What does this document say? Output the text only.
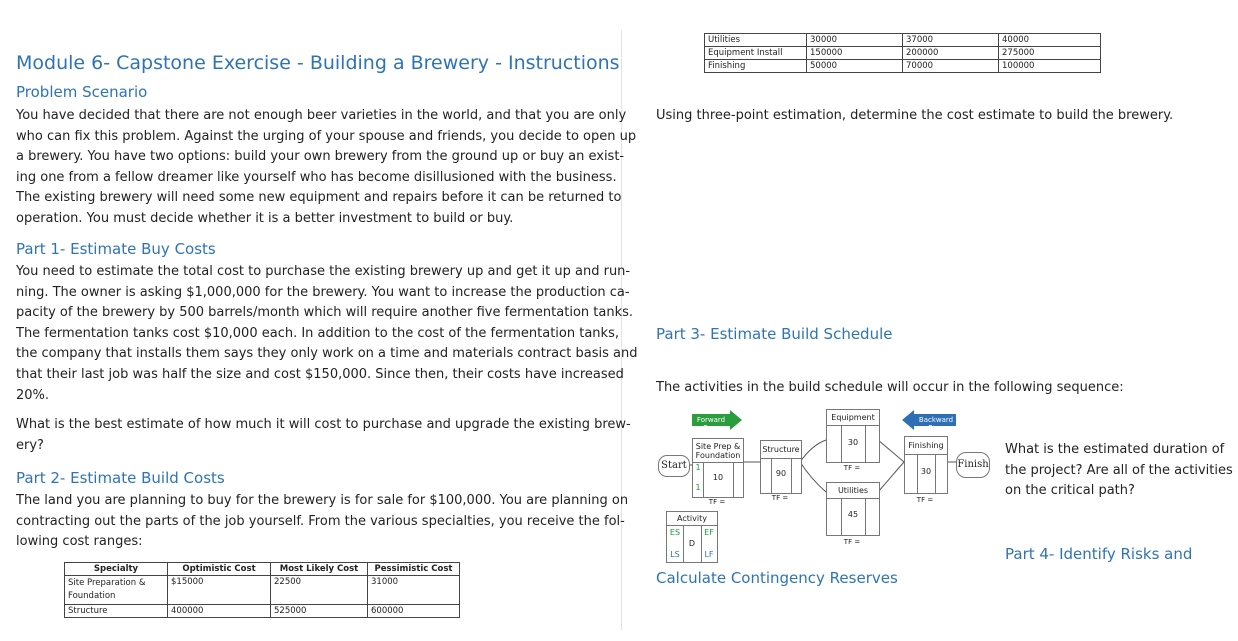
Module 6- Capstone Exercise - Building a Brewery - Instructions
Problem Scenario
You have decided that there are not enough beer varieties in the world, and that you are only
who can fix this problem. Against the urging of your spouse and friends, you decide to open up
a brewery. You have two options: build your own brewery from the ground up or buy an exist-
ing one from a fellow dreamer like yourself who has become disillusioned with the business.
The existing brewery will need some new equipment and repairs before it can be returned to
operation. You must decide whether it is a better investment to build or buy.
Part 1- Estimate Buy Costs
You need to estimate the total cost to purchase the existing brewery up and get it up and run-
ning. The owner is asking $1,000,000 for the brewery. You want to increase the production ca-
pacity of the brewery by 500 barrels/month which will require another five fermentation tanks.
The fermentation tanks cost $10,000 each. In addition to the cost of the fermentation tanks,
the company that installs them says they only work on a time and materials contract basis and
that their last job was half the size and cost $150,000. Since then, their costs have increased
20%.
What is the best estimate of how much it will cost to purchase and upgrade the existing brew-
ery?
Part 2- Estimate Build Costs
The land you are planning to buy for the brewery is for sale for $100,000. You are planning on
contracting out the parts of the job yourself. From the various specialties, you receive the fol-
lowing cost ranges:
Specialty	Optimistic Cost	Most Likely Cost	Pessimistic Cost
Site Preparation & Foundation	$15000	22500	31000
Structure	400000	525000	600000
Utilities	30000	37000	40000
Equipment Install	150000	200000	275000
Finishing	50000	70000	100000
Using three-point estimation, determine the cost estimate to build the brewery.
Part 3- Estimate Build Schedule
The activities in the build schedule will occur in the following sequence:
Forward Pass
Backward Pass
Start
Site Prep & Foundation
1
10
1
TF =
Structure
90
TF =
Equipment
30
TF =
Utilities
45
TF =
Finishing
30
TF =
Finish
Activity
ES	EF
D
LS	LF
What is the estimated duration of
the project? Are all of the activities
on the critical path?
Part 4- Identify Risks and
Calculate Contingency Reserves
